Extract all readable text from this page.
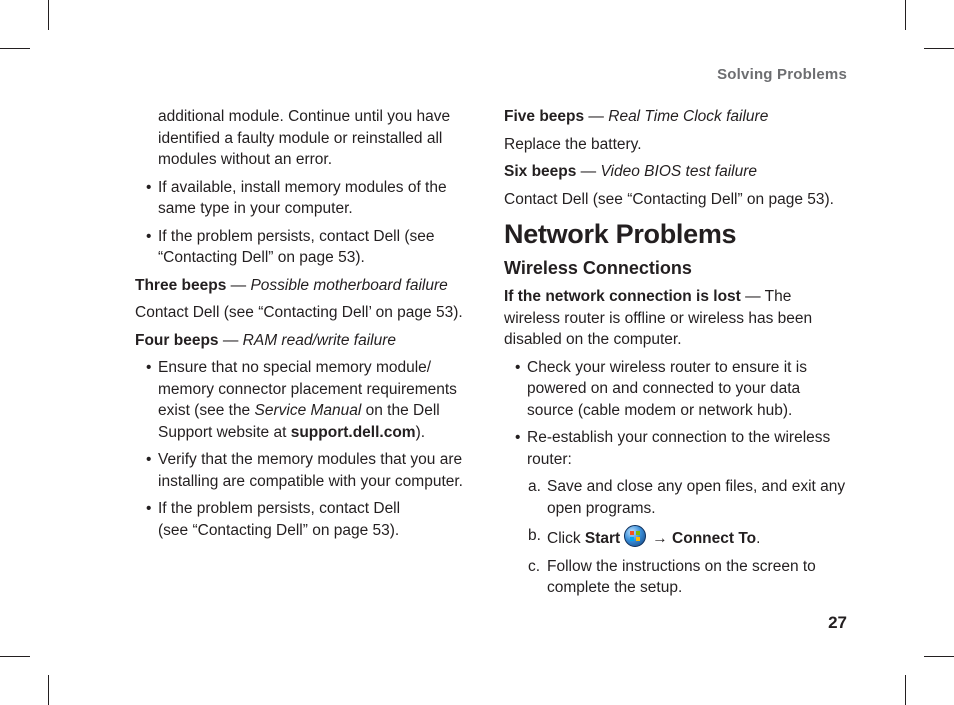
Solving Problems
additional module. Continue until you have
identified a faulty module or reinstalled all
modules without an error.
• If available, install memory modules of the same type in your computer.
• If the problem persists, contact Dell (see “Contacting Dell” on page 53).
Three beeps — Possible motherboard failure
Contact Dell (see “Contacting Dell’ on page 53).
Four beeps — RAM read/write failure
• Ensure that no special memory module/ memory connector placement requirements exist (see the Service Manual on the Dell Support website at support.dell.com).
• Verify that the memory modules that you are installing are compatible with your computer.
• If the problem persists, contact Dell
(see “Contacting Dell” on page 53).
Five beeps — Real Time Clock failure
Replace the battery.
Six beeps — Video BIOS test failure
Contact Dell (see “Contacting Dell” on page 53).
Network Problems
Wireless Connections
If the network connection is lost — The wireless router is offline or wireless has been disabled on the computer.
• Check your wireless router to ensure it is powered on and connected to your data source (cable modem or network hub).
• Re-establish your connection to the wireless router:
a. Save and close any open files, and exit any open programs.
b. Click Start → Connect To.
c. Follow the instructions on the screen to complete the setup.
27
